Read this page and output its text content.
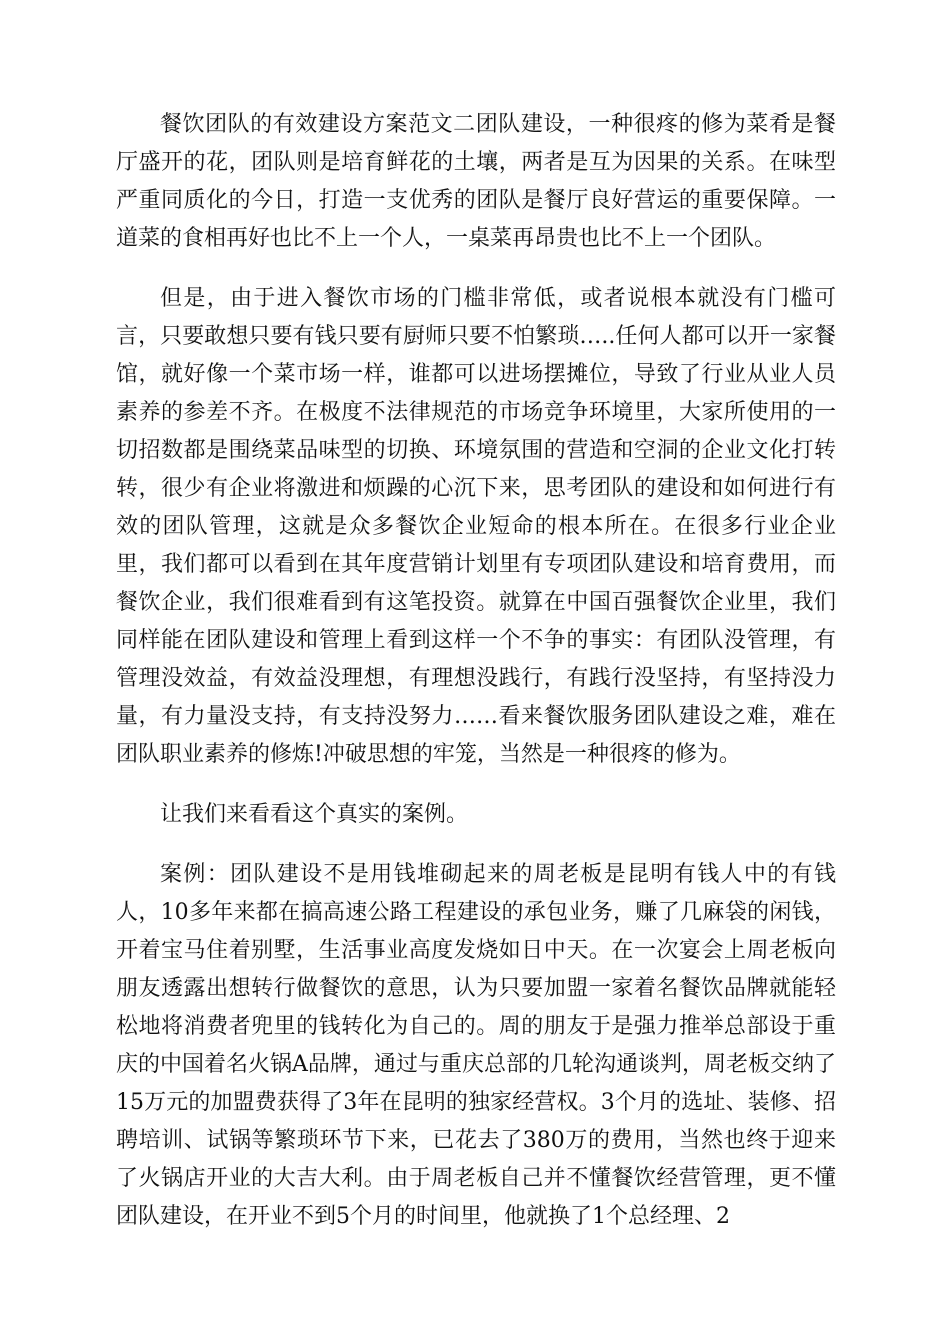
餐饮团队的有效建设方案范文二团队建设，一种很疼的修为菜肴是餐厅盛开的花，团队则是培育鲜花的土壤，两者是互为因果的关系。在味型严重同质化的今日，打造一支优秀的团队是餐厅良好营运的重要保障。一道菜的食相再好也比不上一个人，一桌菜再昂贵也比不上一个团队。

但是，由于进入餐饮市场的门槛非常低，或者说根本就没有门槛可言，只要敢想只要有钱只要有厨师只要不怕繁琐…..任何人都可以开一家餐馆，就好像一个菜市场一样，谁都可以进场摆摊位，导致了行业从业人员素养的参差不齐。在极度不法律规范的市场竞争环境里，大家所使用的一切招数都是围绕菜品味型的切换、环境氛围的营造和空洞的企业文化打转转，很少有企业将激进和烦躁的心沉下来，思考团队的建设和如何进行有效的团队管理，这就是众多餐饮企业短命的根本所在。在很多行业企业里，我们都可以看到在其年度营销计划里有专项团队建设和培育费用，而餐饮企业，我们很难看到有这笔投资。就算在中国百强餐饮企业里，我们同样能在团队建设和管理上看到这样一个不争的事实：有团队没管理，有管理没效益，有效益没理想，有理想没践行，有践行没坚持，有坚持没力量，有力量没支持，有支持没努力……看来餐饮服务团队建设之难，难在团队职业素养的修炼!冲破思想的牢笼，当然是一种很疼的修为。

让我们来看看这个真实的案例。

案例：团队建设不是用钱堆砌起来的周老板是昆明有钱人中的有钱人，10多年来都在搞高速公路工程建设的承包业务，赚了几麻袋的闲钱，开着宝马住着别墅，生活事业高度发烧如日中天。在一次宴会上周老板向朋友透露出想转行做餐饮的意思，认为只要加盟一家着名餐饮品牌就能轻松地将消费者兜里的钱转化为自己的。周的朋友于是强力推举总部设于重庆的中国着名火锅A品牌，通过与重庆总部的几轮沟通谈判，周老板交纳了15万元的加盟费获得了3年在昆明的独家经营权。3个月的选址、装修、招聘培训、试锅等繁琐环节下来，已花去了380万的费用，当然也终于迎来了火锅店开业的大吉大利。由于周老板自己并不懂餐饮经营管理，更不懂团队建设，在开业不到5个月的时间里，他就换了1个总经理、2
